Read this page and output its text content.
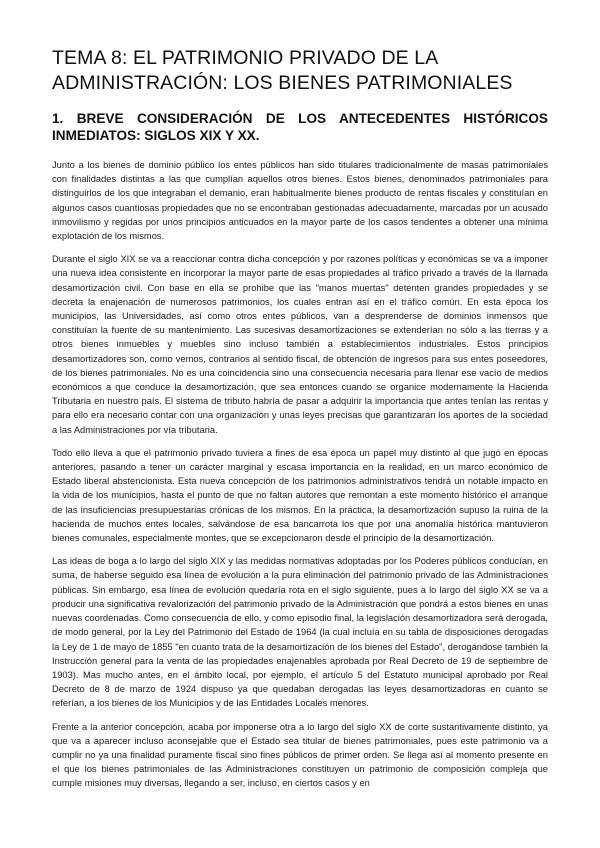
TEMA 8: EL PATRIMONIO PRIVADO DE LA ADMINISTRACIÓN: LOS BIENES PATRIMONIALES
1. BREVE CONSIDERACIÓN DE LOS ANTECEDENTES HISTÓRICOS INMEDIATOS: SIGLOS XIX Y XX.

Junto a los bienes de dominio público los entes públicos han sido titulares tradicionalmente de masas patrimoniales con finalidades distintas a las que cumplían aquellos otros bienes. Estos bienes, denominados patrimoniales para distinguirlos de los que integraban el demanio, eran habitualmente bienes producto de rentas fiscales y constituían en algunos casos cuantiosas propiedades que no se encontraban gestionadas adecuadamente, marcadas por un acusado inmovilismo y regidas por unos principios anticuados en la mayor parte de los casos tendentes a obtener una mínima explotación de los mismos.

Durante el siglo XIX se va a reaccionar contra dicha concepción y por razones políticas y económicas se va a imponer una nueva idea consistente en incorporar la mayor parte de esas propiedades al tráfico privado a través de la llamada desamortización civil. Con base en ella se prohibe que las "manos muertas" detenten grandes propiedades y se decreta la enajenación de numerosos patrimonios, los cuales entran así en el tráfico común. En esta época los municipios, las Universidades, así como otros entes públicos, van a desprenderse de dominios inmensos que constituían la fuente de su mantenimiento. Las sucesivas desamortizaciones se extenderían no sólo a las tierras y a otros bienes inmuebles y muebles sino incluso también a establecimientos industriales. Estos principios desamortizadores son, como vemos, contrarios al sentido fiscal, de obtención de ingresos para sus entes poseedores, de los bienes patrimoniales. No es una coincidencia sino una consecuencia necesaria para llenar ese vacío de medios económicos a que conduce la desamortización, que sea entonces cuando se organice modernamente la Hacienda Tributaria en nuestro país. El sistema de tributo habría de pasar a adquirir la importancia que antes tenían las rentas y para ello era necesario contar con una organización y unas leyes precisas que garantizaran los aportes de la sociedad a las Administraciones por vía tributaria.

Todo ello lleva a que el patrimonio privado tuviera a fines de esa época un papel muy distinto al que jugó en épocas anteriores, pasando a tener un carácter marginal y escasa importancia en la realidad, en un marco económico de Estado liberal abstencionista. Esta nueva concepción de los patrimonios administrativos tendrá un notable impacto en la vida de los municipios, hasta el punto de que no faltan autores que remontan a este momento histórico el arranque de las insuficiencias presupuestarias crónicas de los mismos. En la práctica, la desamortización supuso la ruina de la hacienda de muchos entes locales, salvándose de esa bancarrota los que por una anomalía histórica mantuvieron bienes comunales, especialmente montes, que se excepcionaron desde el principio de la desamortización.

Las ideas de boga a lo largo del siglo XIX y las medidas normativas adoptadas por los Poderes públicos conducían, en suma, de haberse seguido esa línea de evolución a la pura eliminación del patrimonio privado de las Administraciones públicas. Sin embargo, esa línea de evolución quedaría rota en el siglo siguiente, pues a lo largo del siglo XX se va a producir una significativa revalorización del patrimonio privado de la Administración que pondrá a estos bienes en unas nuevas coordenadas. Como consecuencia de ello, y como episodio final, la legislación desamortizadora será derogada, de modo general, por la Ley del Patrimonio del Estado de 1964 (la cual incluía en su tabla de disposiciones derogadas la Ley de 1 de mayo de 1855 "en cuanto trata de la desamortización de los bienes del Estado", derogándose también la Instrucción general para la venta de las propiedades enajenables aprobada por Real Decreto de 19 de septiembre de 1903). Mas mucho antes, en el ámbito local, por ejemplo, el artículo 5 del Estatuto municipal aprobado por Real Decreto de 8 de marzo de 1924 dispuso ya que quedaban derogadas las leyes desamortizadoras en cuanto se referían, a los bienes de los Municipios y de las Entidades Locales menores.

Frente a la anterior concepción, acaba por imponerse otra a lo largo del siglo XX de corte sustantivamente distinto, ya que va a aparecer incluso aconsejable que el Estado sea titular de bienes patrimoniales, pues este patrimonio va a cumplir no ya una finalidad puramente fiscal sino fines públicos de primer orden. Se llega así al momento presente en el que los bienes patrimoniales de las Administraciones constituyen un patrimonio de composición compleja que cumple misiones muy diversas, llegando a ser, incluso, en ciertos casos y en
